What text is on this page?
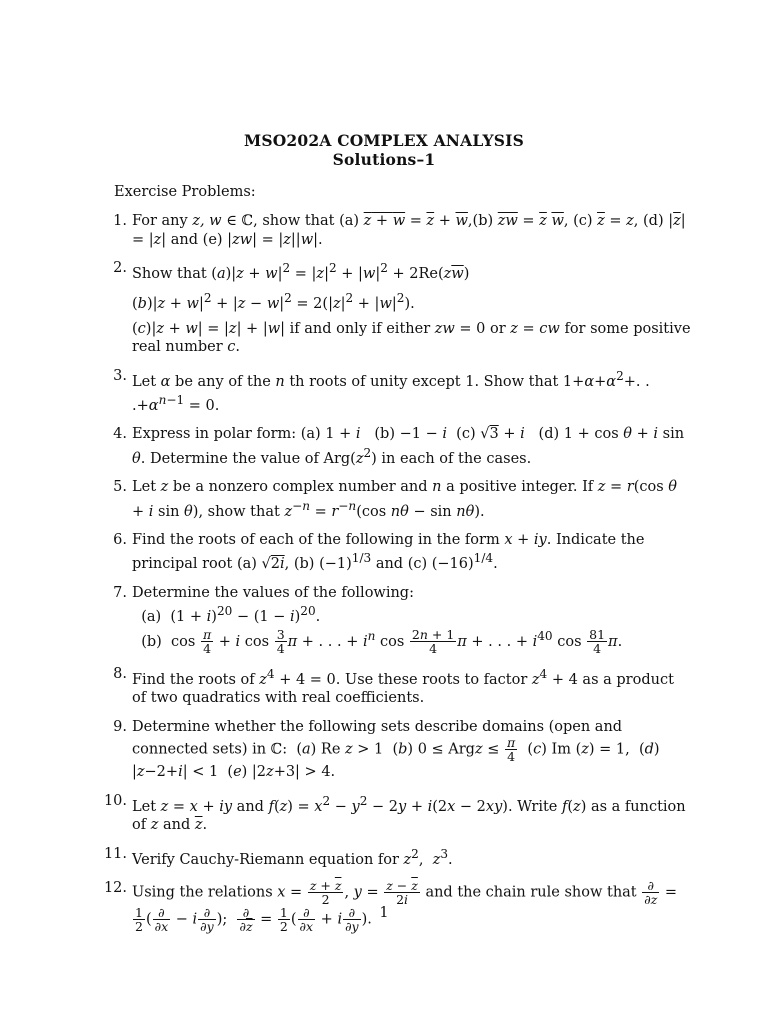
MSO202A COMPLEX ANALYSIS
Solutions–1
Exercise Problems:
1. For any z, w ∈ ℂ, show that (a) $z + w = \overline{z} + \overline{w},(b) \overline{zw} = \overline{z}$ $\overline{w}$, (c) z = z, (d) $|\overline{z}| = |z|$ and (e) |zw| = |z||w|.

2. Show that $(a)|z + w|^2 = |z|^2 + |w|^2 + 2Re(z\overline{w})$

$(b)|z + w|^2 + |z - w|^2 = 2(|z|^2 + |w|^2)$.

(c)|z + w| = |z| + |w| if and only if either zw = 0 or z = cw for some positive real number c.

3. Let α be any of the n th roots of unity except 1. Show that $1+\alpha+\alpha^2+$. . $.+\alpha^{n-1} = 0$.

4. Express in polar form: (a) 1 + i   (b) −1 − i  (c) √3 + i   (d) 1 + cos θ + i sin θ. Determine the value of $Arg(z^2)$ in each of the cases.

5. Let z be a nonzero complex number and n a positive integer. If z = r(cos θ + i sin θ), show that $z^{-n} = r^{-n}(\cos$ nθ − sin nθ).

6. Find the roots of each of the following in the form x + iy. Indicate the principal root (a) √2i, (b) $(-1)^{1/3}$ and (c) $(-16)^{1/4}$.

7. Determine the values of the following:

(a)  $(1 + i)^{20} - (1 - i)^{20}$.

(b)  $\cos \frac{\pi}{4} + i$ $\cos \frac{3}{4}$ π + . . . + $i^n$ $\cos \frac{2n + 1}{4}$ π + . . . + $i^{40}$ $\cos \frac{81}{4} \pi$.

8. Find the roots of $z^4 + 4 = 0$. Use these roots to factor $z^4 + 4$ as a product of two quadratics with real coefficients.

9. Determine whether the following sets describe domains (open and connected sets) in ℂ:  (a) Re z > 1  (b) 0 ≤ Argz ≤ $\frac{\pi}{4} (c)$ Im (z) = 1,  (d) |z−2+i| < 1  (e) |2z+3| > 4.

10. Let z = x + iy and $f(z) = x^2 - y^2 - 2y + i(2x - 2xy)$. Write f(z) as a function of z and $\overline{z}$.

11. Verify Cauchy-Riemann equation for $z^2$,  $z^3$.

12. Using the relations $x = \frac{z + \overline{z}}{2}$ , $y = \frac{z - \overline{z}}{2i}$ and the chain rule show that $\frac{\partial}{\partial z}$ =
$\frac{1}{2}$ ( $\frac{\partial}{\partial x} - i \frac{\partial}{\partial y}$ ); $\frac{\partial}{\partial\overline{z}} = \frac{1}{2}$ ( $\frac{\partial}{\partial x} + i \frac{\partial}{\partial y}$ ). 1
